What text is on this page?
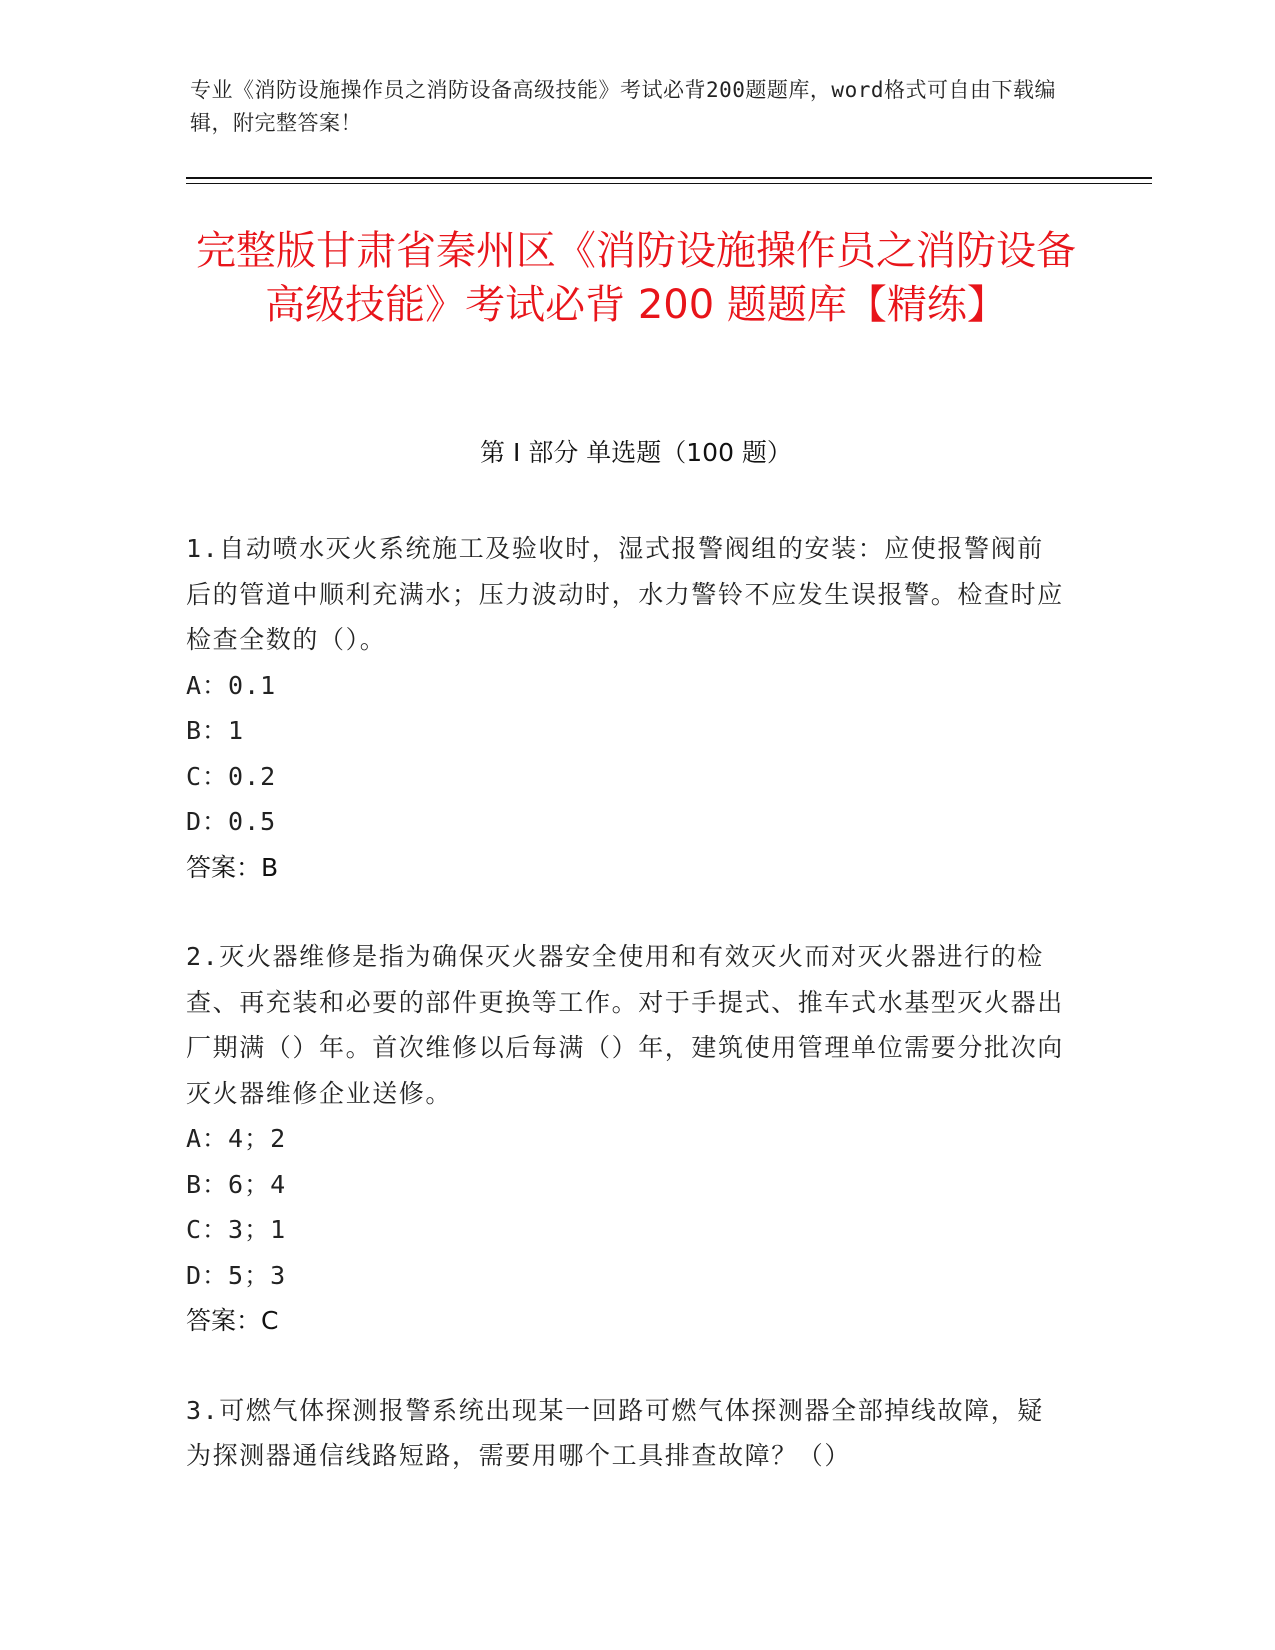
专业《消防设施操作员之消防设备高级技能》考试必背200题题库，word格式可自由下载编辑，附完整答案！
完整版甘肃省秦州区《消防设施操作员之消防设备高级技能》考试必背 200 题题库【精练】
第 I 部分 单选题（100 题）

1.自动喷水灭火系统施工及验收时，湿式报警阀组的安装：应使报警阀前后的管道中顺利充满水；压力波动时，水力警铃不应发生误报警。检查时应检查全数的（）。

A：0.1

B：1

C：0.2

D：0.5

答案：B

2.灭火器维修是指为确保灭火器安全使用和有效灭火而对灭火器进行的检查、再充装和必要的部件更换等工作。对于手提式、推车式水基型灭火器出厂期满（）年。首次维修以后每满（）年，建筑使用管理单位需要分批次向灭火器维修企业送修。

A：4；2

B：6；4

C：3；1

D：5；3

答案：C

3.可燃气体探测报警系统出现某一回路可燃气体探测器全部掉线故障，疑为探测器通信线路短路，需要用哪个工具排查故障？（）
